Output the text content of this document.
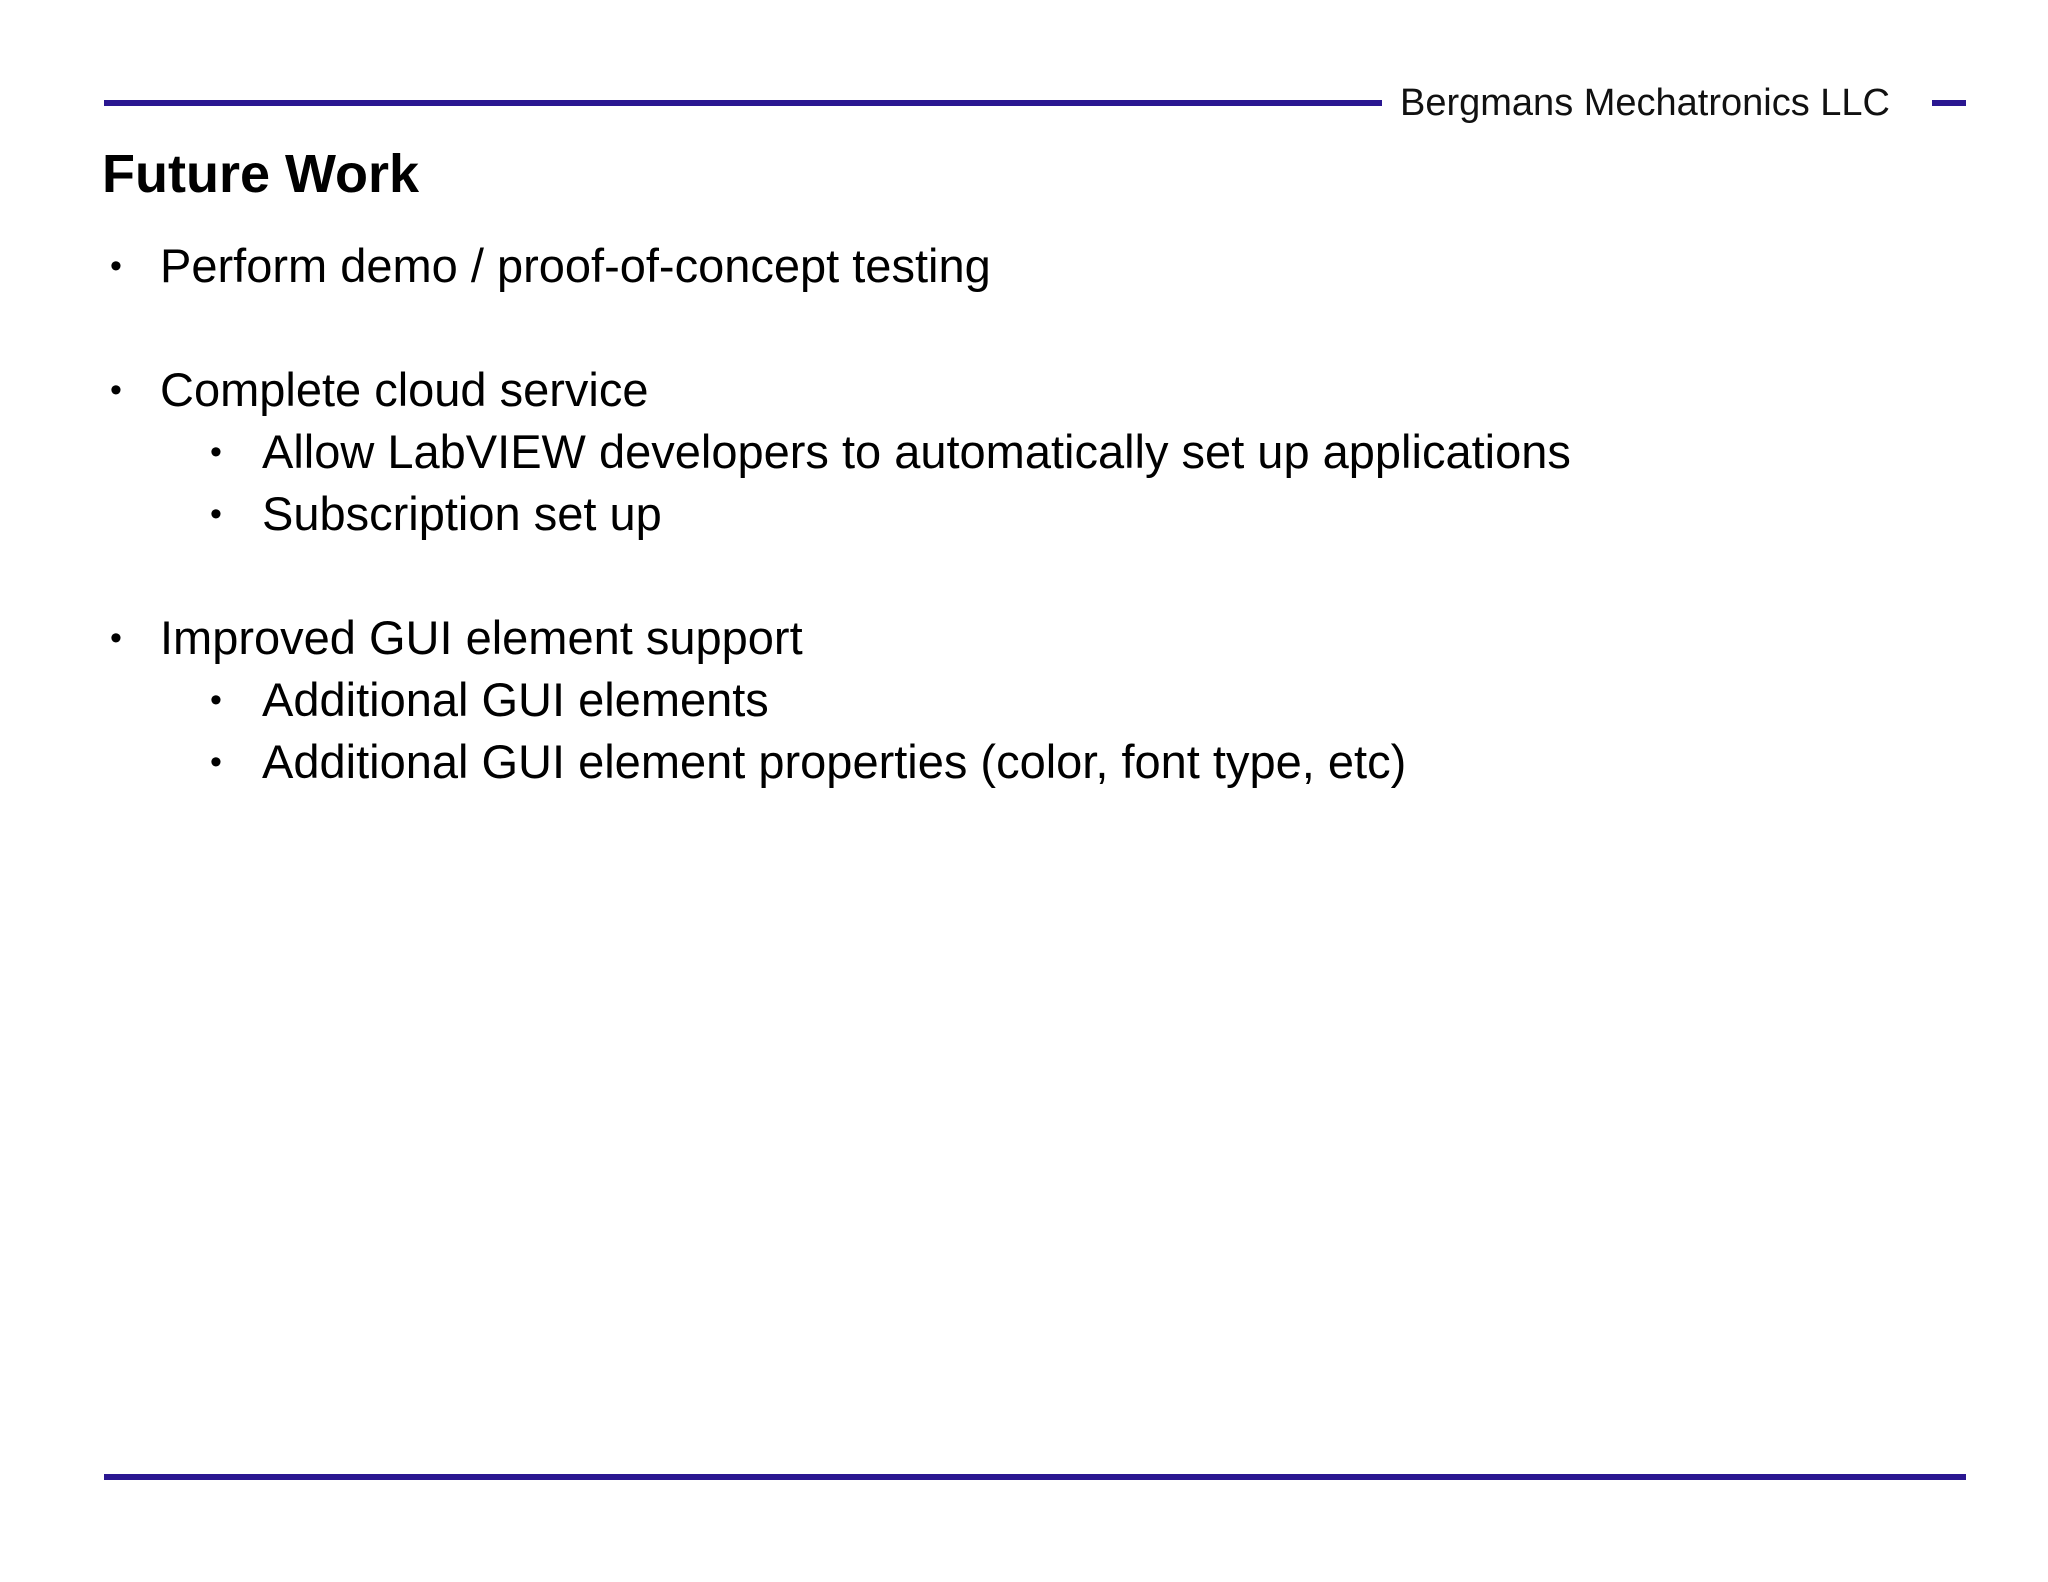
Bergmans Mechatronics LLC
Future Work
• Perform demo / proof-of-concept testing
• Complete cloud service
• Allow LabVIEW developers to automatically set up applications
• Subscription set up
• Improved GUI element support
• Additional GUI elements
• Additional GUI element properties (color, font type, etc)
